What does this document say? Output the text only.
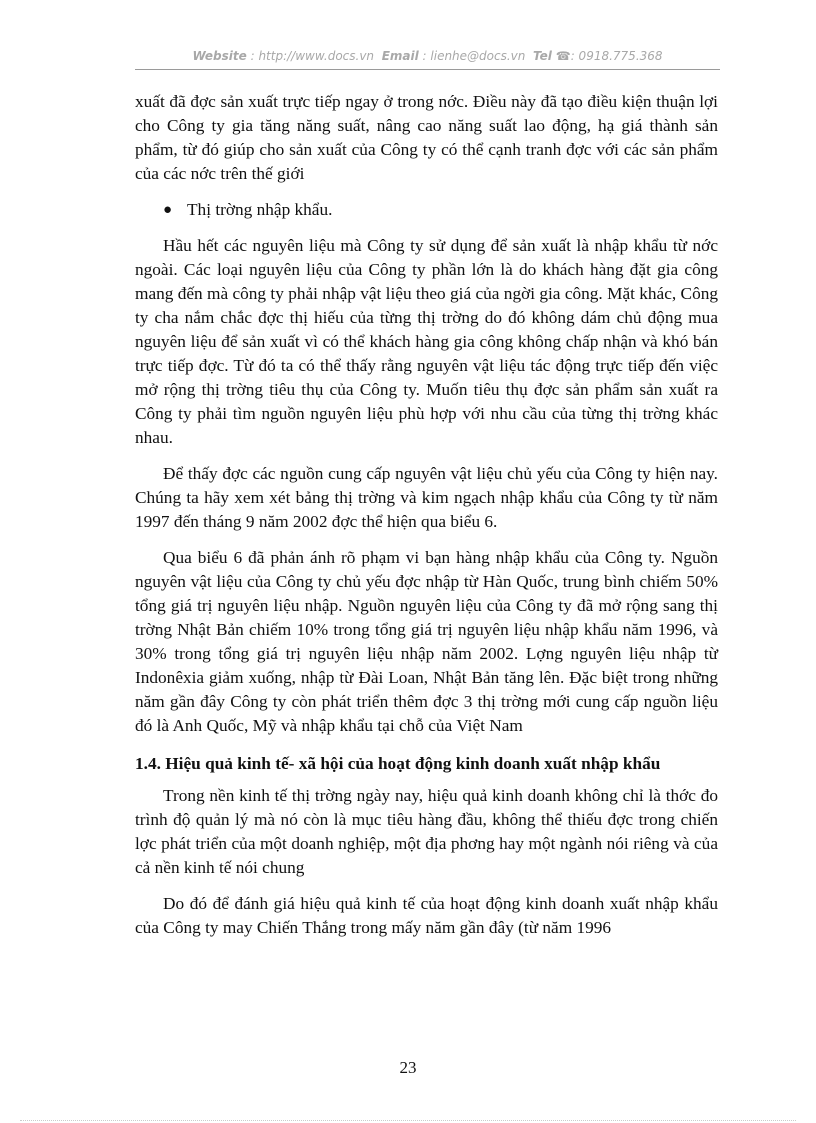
Website : http://www.docs.vn Email : lienhe@docs.vn Tel ☎: 0918.775.368

xuất đã đợc sản xuất trực tiếp ngay ở trong nớc. Điều này đã tạo điều kiện thuận lợi cho Công ty gia tăng năng suất, nâng cao năng suất lao động, hạ giá thành sản phẩm, từ đó giúp cho sản xuất của Công ty có thể cạnh tranh đợc với các sản phẩm của các nớc trên thế giới

● Thị trờng nhập khẩu.

Hầu hết các nguyên liệu mà Công ty sử dụng để sản xuất là nhập khẩu từ nớc ngoài. Các loại nguyên liệu của Công ty phần lớn là do khách hàng đặt gia công mang đến mà công ty phải nhập vật liệu theo giá của ngời gia công. Mặt khác, Công ty cha nắm chắc đợc thị hiếu của từng thị trờng do đó không dám chủ động mua nguyên liệu để sản xuất vì có thể khách hàng gia công không chấp nhận và khó bán trực tiếp đợc. Từ đó ta có thể thấy rằng nguyên vật liệu tác động trực tiếp đến việc mở rộng thị trờng tiêu thụ của Công ty. Muốn tiêu thụ đợc sản phẩm sản xuất ra Công ty phải tìm nguồn nguyên liệu phù hợp với nhu cầu của từng thị trờng khác nhau.

Để thấy đợc các nguồn cung cấp nguyên vật liệu chủ yếu của Công ty hiện nay. Chúng ta hãy xem xét bảng thị trờng và kim ngạch nhập khẩu của Công ty từ năm 1997 đến tháng 9 năm 2002 đợc thể hiện qua biểu 6.

Qua biểu 6 đã phản ánh rõ phạm vi bạn hàng nhập khẩu của Công ty. Nguồn nguyên vật liệu của Công ty chủ yếu đợc nhập từ Hàn Quốc, trung bình chiếm 50% tổng giá trị nguyên liệu nhập. Nguồn nguyên liệu của Công ty đã mở rộng sang thị trờng Nhật Bản chiếm 10% trong tổng giá trị nguyên liệu nhập khẩu năm 1996, và 30% trong tổng giá trị nguyên liệu nhập năm 2002. Lợng nguyên liệu nhập từ Indonêxia giảm xuống, nhập từ Đài Loan, Nhật Bản tăng lên. Đặc biệt trong những năm gần đây Công ty còn phát triển thêm đợc 3 thị trờng mới cung cấp nguồn liệu đó là Anh Quốc, Mỹ và nhập khẩu tại chỗ của Việt Nam

1.4. Hiệu quả kinh tế- xã hội của hoạt động kinh doanh xuất nhập khẩu

Trong nền kinh tế thị trờng ngày nay, hiệu quả kinh doanh không chỉ là thớc đo trình độ quản lý mà nó còn là mục tiêu hàng đầu, không thể thiếu đợc trong chiến lợc phát triển của một doanh nghiệp, một địa phơng hay một ngành nói riêng và của cả nền kinh tế nói chung

Do đó để đánh giá hiệu quả kinh tế của hoạt động kinh doanh xuất nhập khẩu của Công ty may Chiến Thắng trong mấy năm gần đây (từ năm 1996

23
